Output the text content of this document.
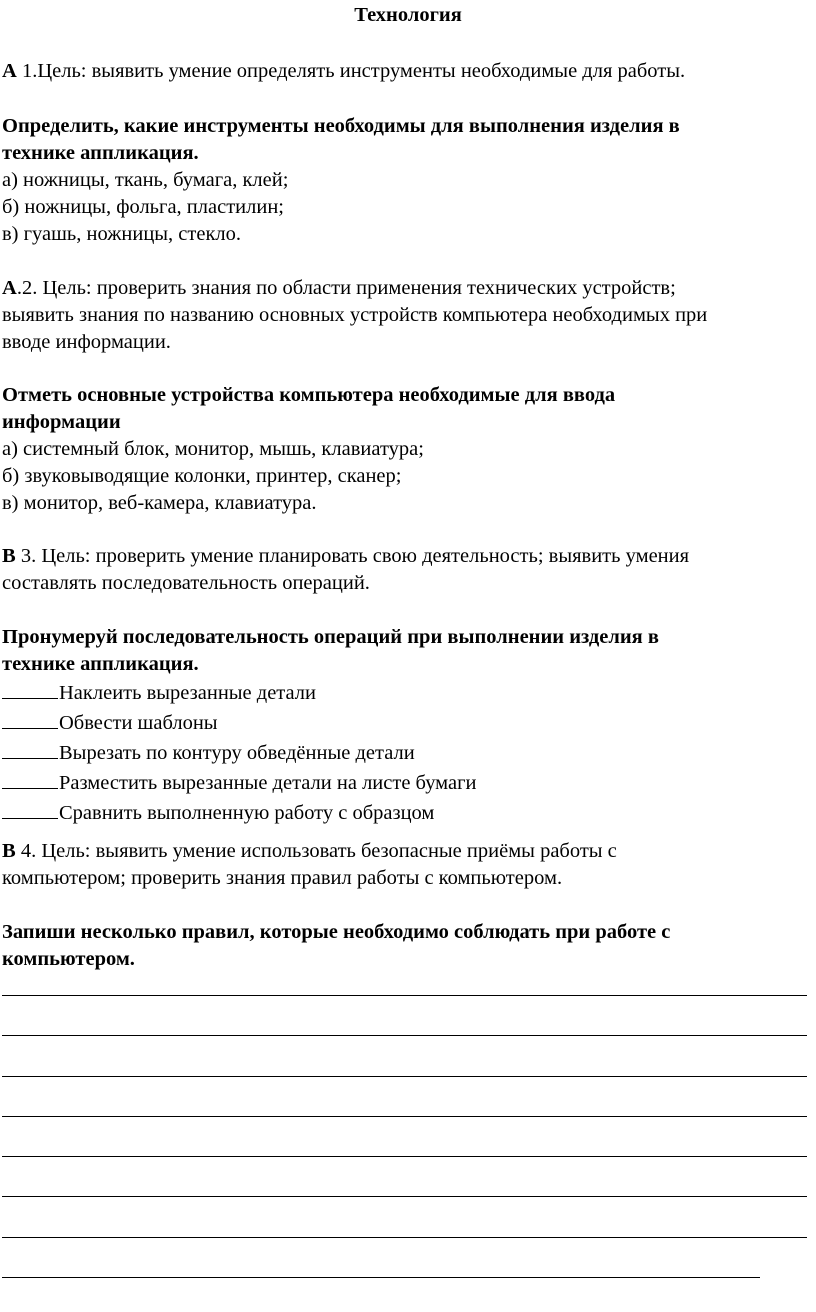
Технология
А 1.Цель: выявить умение определять инструменты необходимые для работы.
Определить, какие инструменты необходимы для выполнения изделия в
технике аппликация.
а) ножницы, ткань, бумага, клей;
б) ножницы, фольга, пластилин;
в) гуашь, ножницы, стекло.
А.2. Цель: проверить знания по области применения технических устройств;
выявить знания по названию основных устройств компьютера необходимых при
вводе информации.
Отметь основные устройства компьютера необходимые для ввода
информации
а) системный блок, монитор, мышь, клавиатура;
б) звуковыводящие колонки, принтер, сканер;
в) монитор, веб-камера, клавиатура.
В 3. Цель: проверить умение планировать свою деятельность; выявить умения
составлять последовательность операций.
Пронумеруй последовательность операций при выполнении изделия в
технике аппликация.
Наклеить вырезанные детали
Обвести шаблоны
Вырезать по контуру обведённые детали
Разместить вырезанные детали на листе бумаги
Сравнить выполненную работу с образцом
В 4. Цель: выявить умение использовать безопасные приёмы работы с
компьютером; проверить знания правил работы с компьютером.
Запиши несколько правил, которые необходимо соблюдать при работе с
компьютером.
